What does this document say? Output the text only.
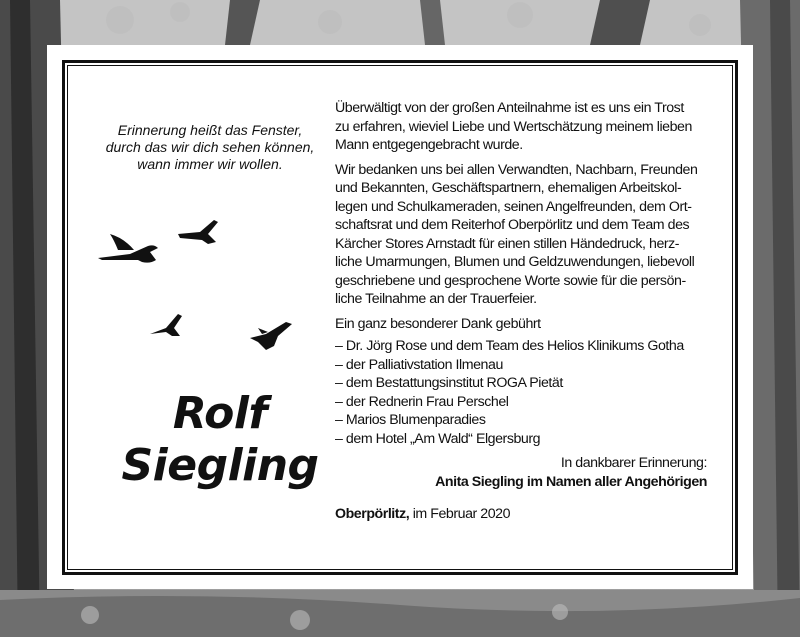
Erinnerung heißt das Fenster,
durch das wir dich sehen können,
wann immer wir wollen.
Rolf
Siegling
Überwältigt von der großen Anteilnahme ist es uns ein Trost
zu erfahren, wieviel Liebe und Wertschätzung meinem lieben
Mann entgegengebracht wurde.
Wir bedanken uns bei allen Verwandten, Nachbarn, Freunden
und Bekannten, Geschäftspartnern, ehemaligen Arbeitskol-
legen und Schulkameraden, seinen Angelfreunden, dem Ort-
schaftsrat und dem Reiterhof Oberpörlitz und dem Team des
Kärcher Stores Arnstadt für einen stillen Händedruck, herz-
liche Umarmungen, Blumen und Geldzuwendungen, liebevoll
geschriebene und gesprochene Worte sowie für die persön-
liche Teilnahme an der Trauerfeier.
Ein ganz besonderer Dank gebührt
– Dr. Jörg Rose und dem Team des Helios Klinikums Gotha
– der Palliativstation Ilmenau
– dem Bestattungsinstitut ROGA Pietät
– der Rednerin Frau Perschel
– Marios Blumenparadies
– dem Hotel „Am Wald“ Elgersburg
In dankbarer Erinnerung:
Anita Siegling im Namen aller Angehörigen
Oberpörlitz, im Februar 2020
